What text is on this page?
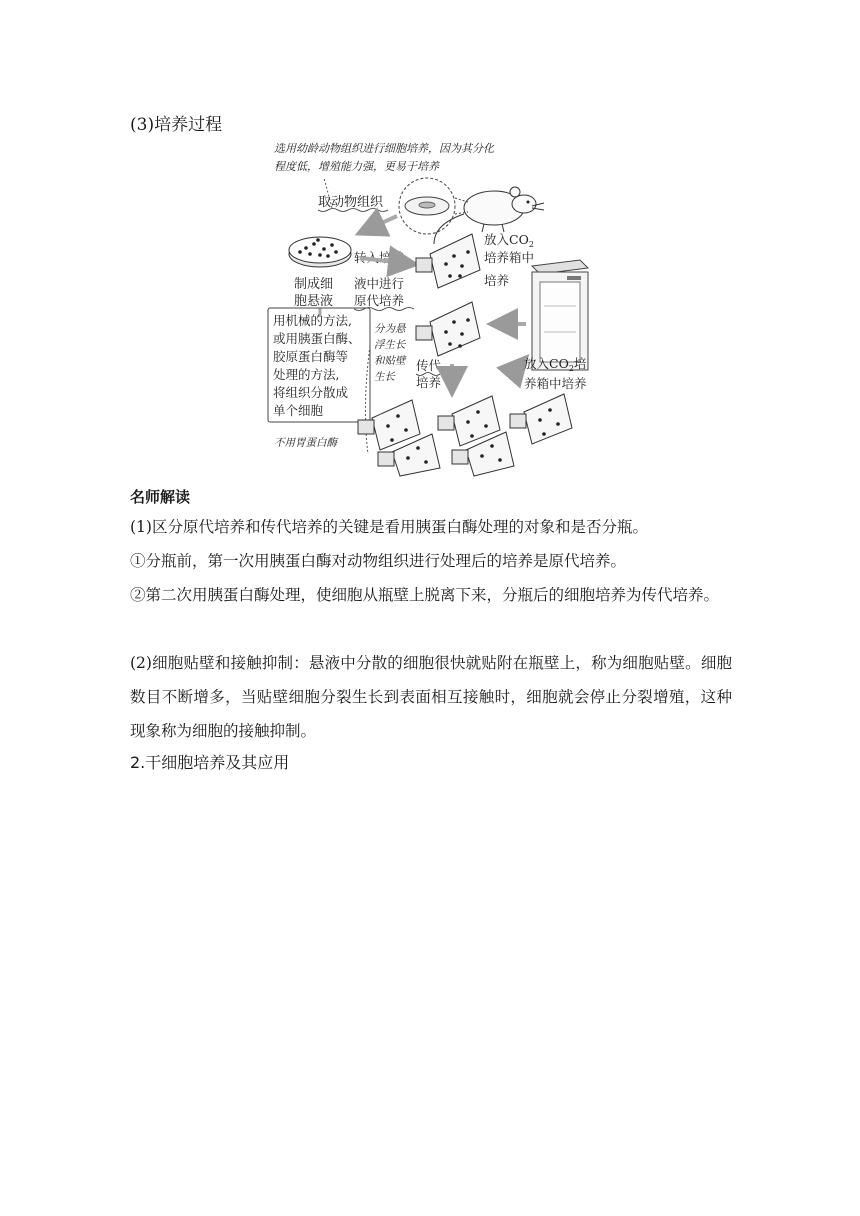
(3)培养过程
选用幼龄动物组织进行细胞培养，因为其分化
程度低，增殖能力强，更易于培养
取动物组织
制成细
胞悬液
转入培养
液中进行
原代培养
放入$CO_2$
培养箱中
培养
用机械的方法,
或用胰蛋白酶、
胶原蛋白酶等
处理的方法,
将组织分散成
单个细胞
分为悬
浮生长
和贴壁
生长
传代
培养
放入$CO_2$培
养箱中培养
不用胃蛋白酶
名师解读
(1)区分原代培养和传代培养的关键是看用胰蛋白酶处理的对象和是否分瓶。
①分瓶前，第一次用胰蛋白酶对动物组织进行处理后的培养是原代培养。
②第二次用胰蛋白酶处理，使细胞从瓶壁上脱离下来，分瓶后的细胞培养为传代培养。
(2)细胞贴壁和接触抑制：悬液中分散的细胞很快就贴附在瓶壁上，称为细胞贴壁。细胞数目不断增多，当贴壁细胞分裂生长到表面相互接触时，细胞就会停止分裂增殖，这种现象称为细胞的接触抑制。
2.干细胞培养及其应用
